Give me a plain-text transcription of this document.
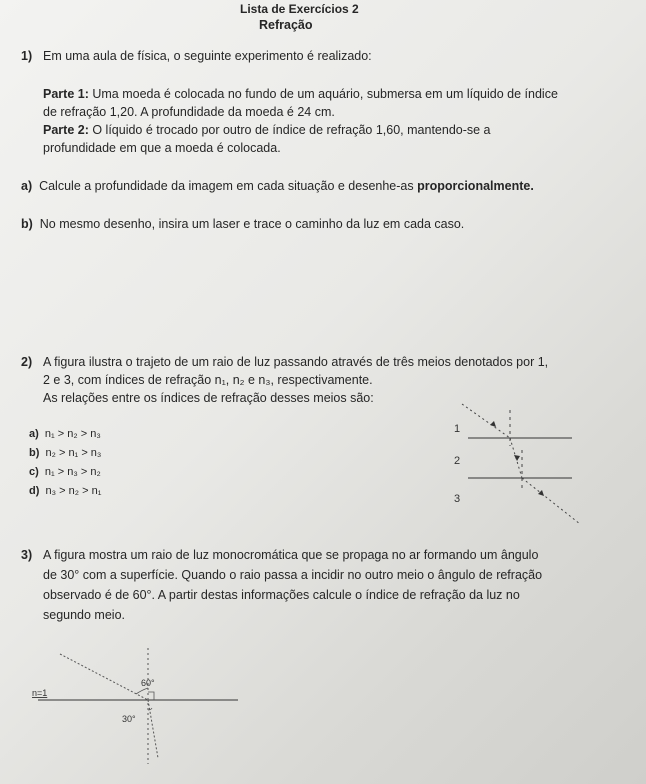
Lista de Exercícios 2
Refração
1) Em uma aula de física, o seguinte experimento é realizado:
Parte 1: Uma moeda é colocada no fundo de um aquário, submersa em um líquido de índice
de refração 1,20. A profundidade da moeda é 24 cm.
Parte 2: O líquido é trocado por outro de índice de refração 1,60, mantendo-se a
profundidade em que a moeda é colocada.
a) Calcule a profundidade da imagem em cada situação e desenhe-as proporcionalmente.
b) No mesmo desenho, insira um laser e trace o caminho da luz em cada caso.
2) A figura ilustra o trajeto de um raio de luz passando através de três meios denotados por 1,
2 e 3, com índices de refração n₁, n₂ e n₃, respectivamente.
As relações entre os índices de refração desses meios são:
a) n₁ > n₂ > n₃
b) n₂ > n₁ > n₃
c) n₁ > n₃ > n₂
d) n₃ > n₂ > n₁
1
2
3
3) A figura mostra um raio de luz monocromática que se propaga no ar formando um ângulo
de 30° com a superfície. Quando o raio passa a incidir no outro meio o ângulo de refração
observado é de 60°. A partir destas informações calcule o índice de refração da luz no
segundo meio.
60°
n=1
30°
